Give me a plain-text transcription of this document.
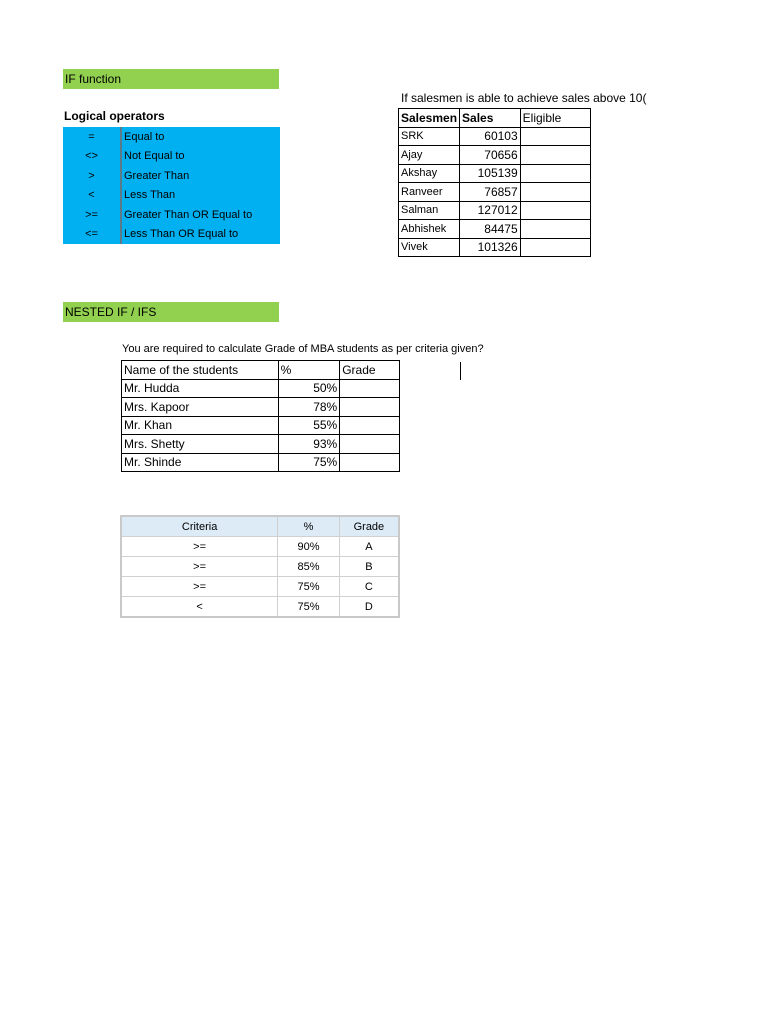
IF function
Logical operators
=	Equal to
<>	Not Equal to
>	Greater Than
<	Less Than
>=	Greater Than OR Equal to
<=	Less Than OR Equal to
If salesmen is able to achieve sales above 10(
Salesmen	Sales	Eligible
SRK	60103	
Ajay	70656	
Akshay	105139	
Ranveer	76857	
Salman	127012	
Abhishek	84475	
Vivek	101326	
NESTED IF / IFS
You are required to calculate Grade of MBA students as per criteria given?
Name of the students	%	Grade
Mr. Hudda	50%	
Mrs. Kapoor	78%	
Mr. Khan	55%	
Mrs. Shetty	93%	
Mr. Shinde	75%	
Criteria	%	Grade
>=	90%	A
>=	85%	B
>=	75%	C
<	75%	D
